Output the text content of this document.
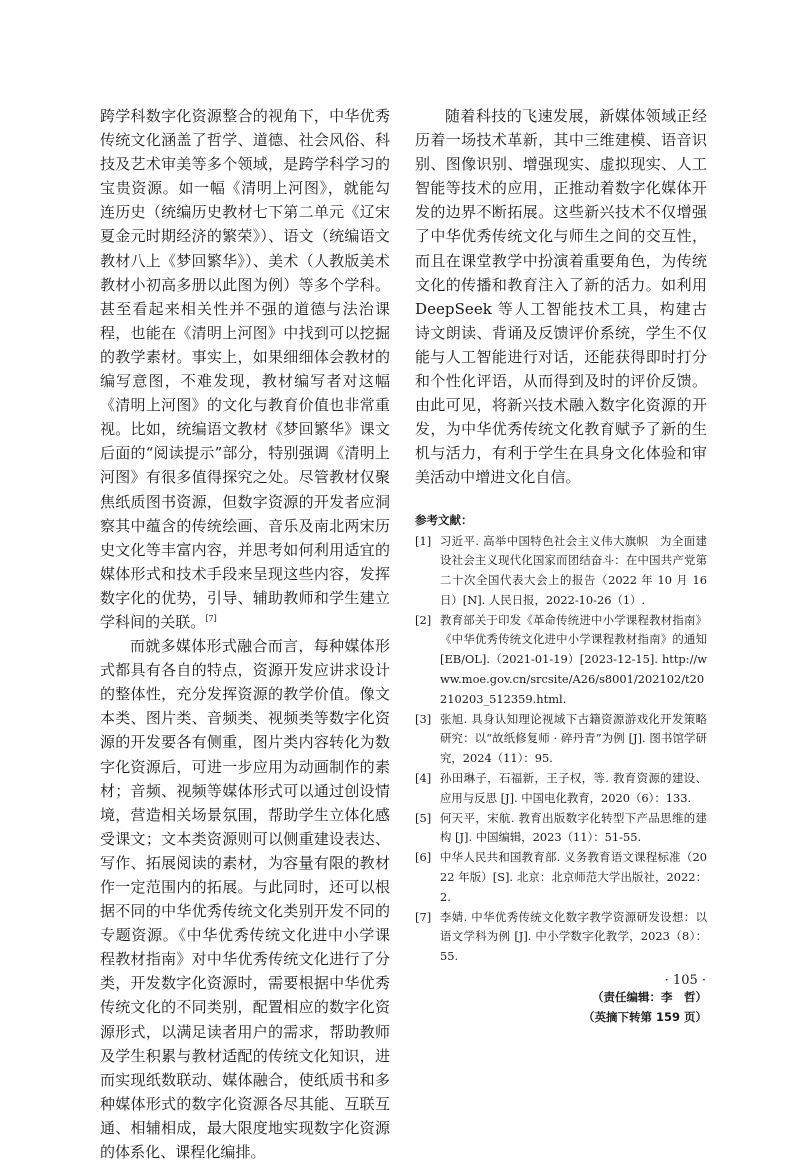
跨学科数字化资源整合的视角下，中华优秀传统文化涵盖了哲学、道德、社会风俗、科技及艺术审美等多个领域，是跨学科学习的宝贵资源。如一幅《清明上河图》，就能勾连历史（统编历史教材七下第二单元《辽宋夏金元时期经济的繁荣》）、语文（统编语文教材八上《梦回繁华》）、美术（人教版美术教材小初高多册以此图为例）等多个学科。甚至看起来相关性并不强的道德与法治课程，也能在《清明上河图》中找到可以挖掘的教学素材。事实上，如果细细体会教材的编写意图，不难发现，教材编写者对这幅《清明上河图》的文化与教育价值也非常重视。比如，统编语文教材《梦回繁华》课文后面的“阅读提示”部分，特别强调《清明上河图》有很多值得探究之处。尽管教材仅聚焦纸质图书资源，但数字资源的开发者应洞察其中蕴含的传统绘画、音乐及南北两宋历史文化等丰富内容，并思考如何利用适宜的媒体形式和技术手段来呈现这些内容，发挥数字化的优势，引导、辅助教师和学生建立学科间的关联。[7]

而就多媒体形式融合而言，每种媒体形式都具有各自的特点，资源开发应讲求设计的整体性，充分发挥资源的教学价值。像文本类、图片类、音频类、视频类等数字化资源的开发要各有侧重，图片类内容转化为数字化资源后，可进一步应用为动画制作的素材；音频、视频等媒体形式可以通过创设情境，营造相关场景氛围，帮助学生立体化感受课文；文本类资源则可以侧重建设表达、写作、拓展阅读的素材，为容量有限的教材作一定范围内的拓展。与此同时，还可以根据不同的中华优秀传统文化类别开发不同的专题资源。《中华优秀传统文化进中小学课程教材指南》对中华优秀传统文化进行了分类，开发数字化资源时，需要根据中华优秀传统文化的不同类别，配置相应的数字化资源形式，以满足读者用户的需求，帮助教师及学生积累与教材适配的传统文化知识，进而实现纸数联动、媒体融合，使纸质书和多种媒体形式的数字化资源各尽其能、互联互通、相辅相成，最大限度地实现数字化资源的体系化、课程化编排。

随着科技的飞速发展，新媒体领域正经历着一场技术革新，其中三维建模、语音识别、图像识别、增强现实、虚拟现实、人工智能等技术的应用，正推动着数字化媒体开发的边界不断拓展。这些新兴技术不仅增强了中华优秀传统文化与师生之间的交互性，而且在课堂教学中扮演着重要角色，为传统文化的传播和教育注入了新的活力。如利用 DeepSeek 等人工智能技术工具，构建古诗文朗读、背诵及反馈评价系统，学生不仅能与人工智能进行对话，还能获得即时打分和个性化评语，从而得到及时的评价反馈。由此可见，将新兴技术融入数字化资源的开发，为中华优秀传统文化教育赋予了新的生机与活力，有利于学生在具身文化体验和审美活动中增进文化自信。

参考文献：
[1] 习近平. 高举中国特色社会主义伟大旗帜　为全面建设社会主义现代化国家而团结奋斗：在中国共产党第二十次全国代表大会上的报告（2022 年 10 月 16 日）[N]. 人民日报，2022-10-26（1）.
[2] 教育部关于印发《革命传统进中小学课程教材指南》《中华优秀传统文化进中小学课程教材指南》的通知 [EB/OL].（2021-01-19）[2023-12-15]. http://www.moe.gov.cn/srcsite/A26/s8001/202102/t20210203_512359.html.
[3] 张旭. 具身认知理论视域下古籍资源游戏化开发策略研究：以“故纸修复师 · 碎丹青”为例 [J]. 图书馆学研究，2024（11）：95.
[4] 孙田琳子，石福新，王子权，等. 教育资源的建设、应用与反思 [J]. 中国电化教育，2020（6）：133.
[5] 何天平，宋航. 教育出版数字化转型下产品思维的建构 [J]. 中国编辑，2023（11）：51-55.
[6] 中华人民共和国教育部. 义务教育语文课程标准（2022 年版）[S]. 北京：北京师范大学出版社，2022：2.
[7] 李婧. 中华优秀传统文化数字教学资源研发设想：以语文学科为例 [J]. 中小学数字化教学，2023（8）：55.
（责任编辑：李　哲）
（英摘下转第 159 页）
· 105 ·
